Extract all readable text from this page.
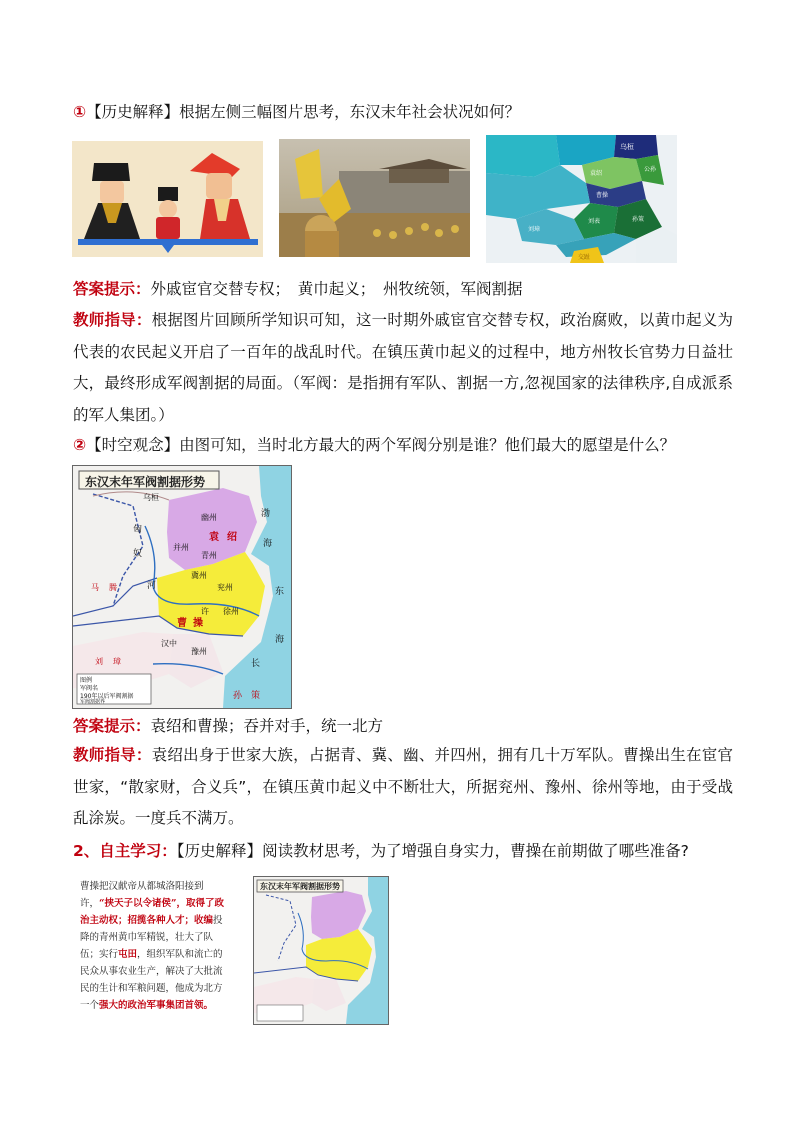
①【历史解释】根据左侧三幅图片思考，东汉末年社会状况如何？
乌桓
袁绍
公孙
曹操
孙策
刘表
刘璋
交趾
答案提示：外戚宦官交替专权；　黄巾起义；　州牧统领，军阀割据
教师指导：根据图片回顾所学知识可知，这一时期外戚宦官交替专权，政治腐败，以黄巾起义为代表的农民起义开启了一百年的战乱时代。在镇压黄巾起义的过程中，地方州牧长官势力日益壮大，最终形成军阀割据的局面。（军阀：是指拥有军队、割据一方,忽视国家的法律秩序,自成派系的军人集团。）
②【时空观念】由图可知，当时北方最大的两个军阀分别是谁？他们最大的愿望是什么？
东汉末年军阀割据形势
乌桓
匈
奴
幽州
袁 绍
并州
青州
冀州
兖州
许 徐州
曹 操
渤
海
东
海
河
马 腾
汉中
豫州
长
刘 璋
孙　策
图例
军阀名
190年以后军阀割据
军阀割据界
答案提示：袁绍和曹操；吞并对手，统一北方
教师指导：袁绍出身于世家大族，占据青、冀、幽、并四州，拥有几十万军队。曹操出生在宦官世家，“散家财，合义兵”，在镇压黄巾起义中不断壮大，所据兖州、豫州、徐州等地，由于受战乱涂炭。一度兵不满万。
2、自主学习：【历史解释】阅读教材思考，为了增强自身实力，曹操在前期做了哪些准备?
曹操把汉献帝从都城洛阳接到许，“挟天子以令诸侯”，取得了政治主动权；招揽各种人才；收编投降的青州黄巾军精锐，壮大了队伍；实行屯田，组织军队和流亡的民众从事农业生产，解决了大批流民的生计和军粮问题，他成为北方一个强大的政治军事集团首领。
东汉末年军阀割据形势
